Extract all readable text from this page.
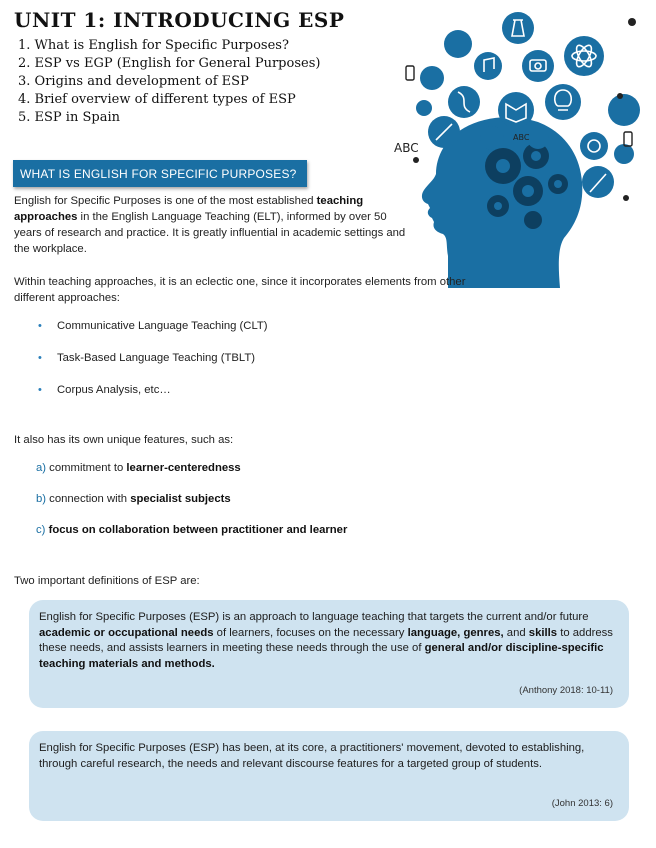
UNIT 1: INTRODUCING ESP
1. What is English for Specific Purposes?
2. ESP vs EGP (English for General Purposes)
3. Origins and development of ESP
4. Brief overview of different types of ESP
5. ESP in Spain
ABC
ABC
WHAT IS ENGLISH FOR SPECIFIC PURPOSES?

English for Specific Purposes is one of the most established teaching approaches in the English Language Teaching (ELT), informed by over 50 years of research and practice. It is greatly influential in academic settings and the workplace.

Within teaching approaches, it is an eclectic one, since it incorporates elements from other different approaches:

•	Communicative Language Teaching (CLT)
•	Task-Based Language Teaching (TBLT)
•	Corpus Analysis, etc…

It also has its own unique features, such as:

a) commitment to learner-centeredness
b) connection with specialist subjects
c) focus on collaboration between practitioner and learner

Two important definitions of ESP are:

English for Specific Purposes (ESP) is an approach to language teaching that targets the current and/or future academic or occupational needs of learners, focuses on the necessary language, genres, and skills to address these needs, and assists learners in meeting these needs through the use of general and/or discipline-specific teaching materials and methods.

(Anthony 2018: 10-11)

English for Specific Purposes (ESP) has been, at its core, a practitioners' movement, devoted to establishing, through careful research, the needs and relevant discourse features for a targeted group of students.

(John 2013: 6)
